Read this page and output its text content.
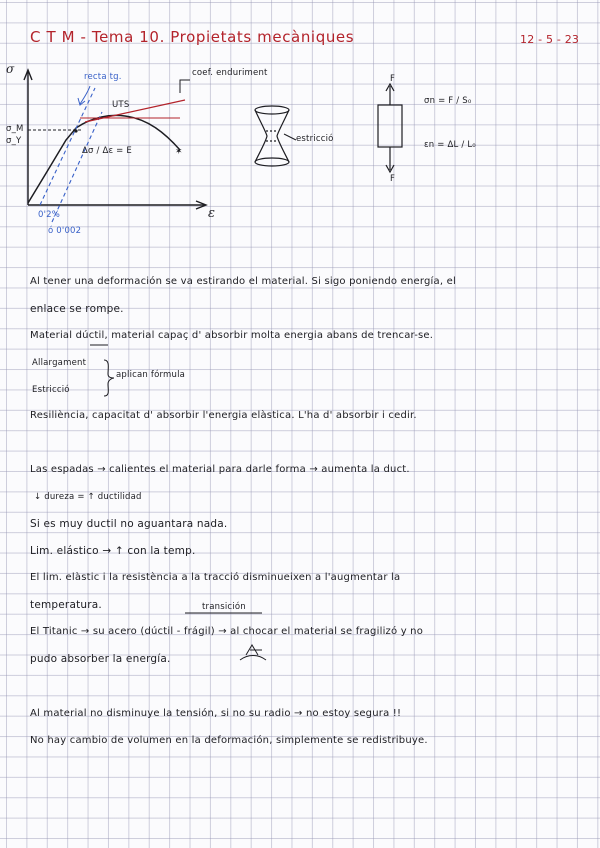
C T M - Tema 10. Propietats mecàniques	12 - 5 - 23
✶
σ
ε
recta tg.	coef. enduriment
UTS
σ_M
σ_Y
Δσ / Δε = E
0'2%
ó 0'002
estricció
F
F
σn = F / S₀
εn = ΔL / L₀
Al tener una deformación se va estirando el material. Si sigo poniendo energía, el
enlace se rompe.
Material dúctil, material capaç d' absorbir molta energia abans de trencar-se.
Allargament
Estricció
aplican fórmula
Resiliència, capacitat d' absorbir l'energia elàstica. L'ha d' absorbir i cedir.
Las espadas → calientes el material para darle forma → aumenta la duct.
↓ dureza = ↑ ductilidad
Si es muy ductil no aguantara nada.
Lim. elástico → ↑ con la temp.
El lim. elàstic i la resistència a la tracció disminueixen a l'augmentar la
temperatura.	transición
El Titanic → su acero (dúctil - frágil) → al chocar el material se fragilizó y no
pudo absorber la energía.
Al material no disminuye la tensión, si no su radio → no estoy segura !!
No hay cambio de volumen en la deformación, simplemente se redistribuye.
